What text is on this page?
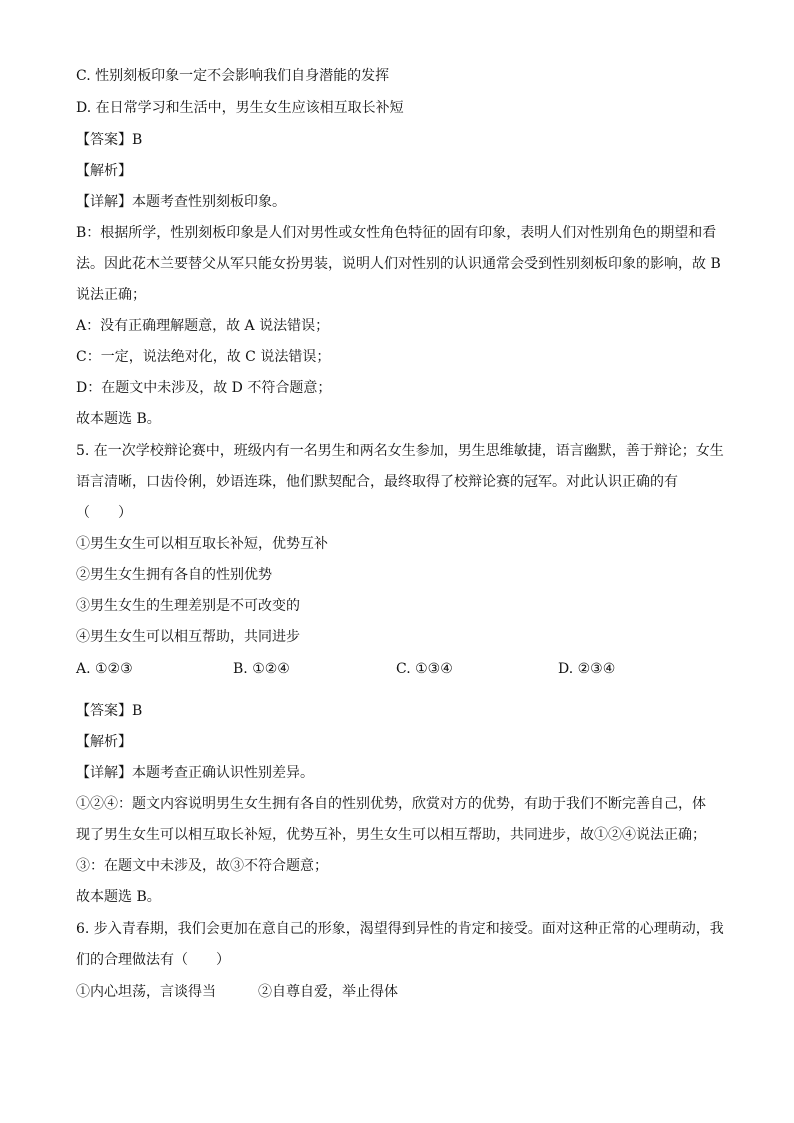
C. 性别刻板印象一定不会影响我们自身潜能的发挥
D. 在日常学习和生活中，男生女生应该相互取长补短
【答案】B
【解析】
【详解】本题考查性别刻板印象。
B：根据所学，性别刻板印象是人们对男性或女性角色特征的固有印象，表明人们对性别角色的期望和看
法。因此花木兰要替父从军只能女扮男装，说明人们对性别的认识通常会受到性别刻板印象的影响，故 B
说法正确；
A：没有正确理解题意，故 A 说法错误；
C：一定，说法绝对化，故 C 说法错误；
D：在题文中未涉及，故 D 不符合题意；
故本题选 B。
5. 在一次学校辩论赛中，班级内有一名男生和两名女生参加，男生思维敏捷，语言幽默，善于辩论；女生
语言清晰，口齿伶俐，妙语连珠，他们默契配合，最终取得了校辩论赛的冠军。对此认识正确的有
（　　）
①男生女生可以相互取长补短，优势互补
②男生女生拥有各自的性别优势
③男生女生的生理差别是不可改变的
④男生女生可以相互帮助，共同进步
A. ①②③	B. ①②④	C. ①③④	D. ②③④
【答案】B
【解析】
【详解】本题考查正确认识性别差异。
①②④：题文内容说明男生女生拥有各自的性别优势，欣赏对方的优势，有助于我们不断完善自己，体
现了男生女生可以相互取长补短，优势互补，男生女生可以相互帮助，共同进步，故①②④说法正确；
③：在题文中未涉及，故③不符合题意；
故本题选 B。
6. 步入青春期，我们会更加在意自己的形象，渴望得到异性的肯定和接受。面对这种正常的心理萌动，我
们的合理做法有（　　）
①内心坦荡，言谈得当　　　②自尊自爱，举止得体
